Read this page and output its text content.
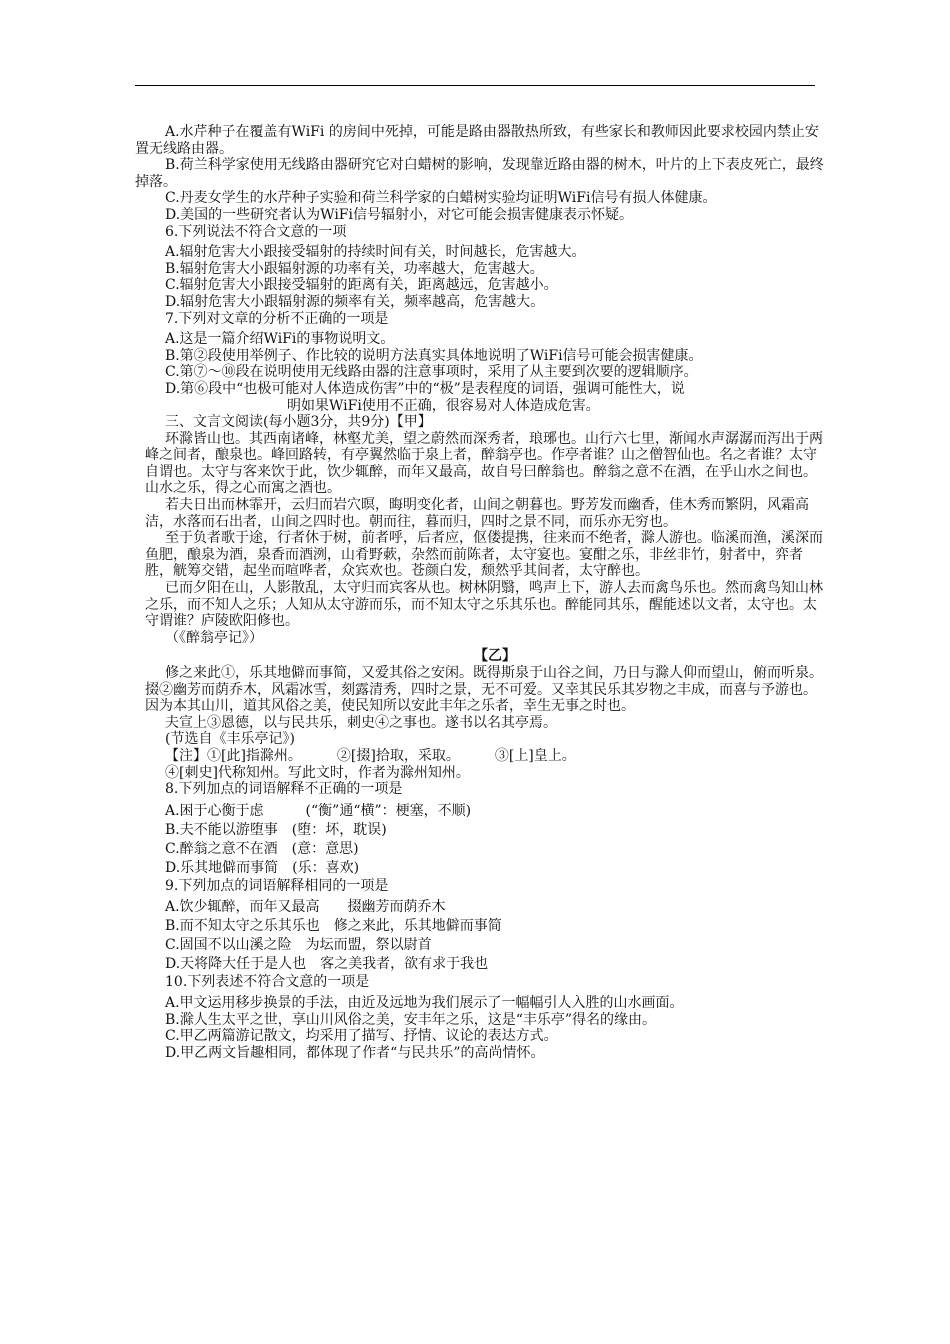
A.水芹种子在覆盖有WiFi 的房间中死掉，可能是路由器散热所致，有些家长和教师因此要求校园内禁止安置无线路由器。

B.荷兰科学家使用无线路由器研究它对白蜡树的影响，发现靠近路由器的树木，叶片的上下表皮死亡，最终掉落。

C.丹麦女学生的水芹种子实验和荷兰科学家的白蜡树实验均证明WiFi信号有损人体健康。

D.美国的一些研究者认为WiFi信号辐射小，对它可能会损害健康表示怀疑。

6.下列说法不符合文意的一项

A.辐射危害大小跟接受辐射的持续时间有关，时间越长，危害越大。

B.辐射危害大小跟辐射源的功率有关，功率越大，危害越大。

C.辐射危害大小跟接受辐射的距离有关，距离越远，危害越小。

D.辐射危害大小跟辐射源的频率有关，频率越高，危害越大。

7.下列对文章的分析不正确的一项是

A.这是一篇介绍WiFi的事物说明文。

B.第②段使用举例子、作比较的说明方法真实具体地说明了WiFi信号可能会损害健康。

C.第⑦～⑩段在说明使用无线路由器的注意事项时，采用了从主要到次要的逻辑顺序。

D.第⑥段中“也极可能对人体造成伤害”中的“极”是表程度的词语，强调可能性大，说

明如果WiFi使用不正确，很容易对人体造成危害。

三、文言文阅读(每小题3分，共9分)【甲】

环滁皆山也。其西南诸峰，林壑尤美，望之蔚然而深秀者，琅琊也。山行六七里，渐闻水声潺潺而泻出于两峰之间者，酿泉也。峰回路转，有亭翼然临于泉上者，醉翁亭也。作亭者谁？山之僧智仙也。名之者谁？太守自谓也。太守与客来饮于此，饮少辄醉，而年又最高，故自号曰醉翁也。醉翁之意不在酒，在乎山水之间也。山水之乐，得之心而寓之酒也。

若夫日出而林霏开，云归而岩穴暝，晦明变化者，山间之朝暮也。野芳发而幽香，佳木秀而繁阴，风霜高洁，水落而石出者，山间之四时也。朝而往，暮而归，四时之景不同，而乐亦无穷也。

至于负者歌于途，行者休于树，前者呼，后者应，伛偻提携，往来而不绝者，滁人游也。临溪而渔，溪深而鱼肥，酿泉为酒，泉香而酒洌，山肴野蔌，杂然而前陈者，太守宴也。宴酣之乐，非丝非竹，射者中，弈者胜，觥筹交错，起坐而喧哗者，众宾欢也。苍颜白发，颓然乎其间者，太守醉也。

已而夕阳在山，人影散乱，太守归而宾客从也。树林阴翳，鸣声上下，游人去而禽鸟乐也。然而禽鸟知山林之乐，而不知人之乐；人知从太守游而乐，而不知太守之乐其乐也。醉能同其乐，醒能述以文者，太守也。太守谓谁？庐陵欧阳修也。

（《醉翁亭记》）

【乙】

修之来此①，乐其地僻而事简，又爱其俗之安闲。既得斯泉于山谷之间，乃日与滁人仰而望山，俯而听泉。掇②幽芳而荫乔木，风霜冰雪，刻露清秀，四时之景，无不可爱。又幸其民乐其岁物之丰成，而喜与予游也。因为本其山川，道其风俗之美，使民知所以安此丰年之乐者，幸生无事之时也。

夫宣上③恩德，以与民共乐，刺史④之事也。遂书以名其亭焉。

(节选自《丰乐亭记》)

【注】①[此]指滁州。　　　②[掇]拾取，采取。　　　③[上]皇上。

④[刺史]代称知州。写此文时，作者为滁州知州。

8.下列加点的词语解释不正确的一项是

A.困于心衡于虑　　　(“衡”通“横”：梗塞，不顺)

B.夫不能以游堕事　(堕：坏，耽误)

C.醉翁之意不在酒　(意：意思)

D.乐其地僻而事简　(乐：喜欢)

9.下列加点的词语解释相同的一项是

A.饮少辄醉，而年又最高　　掇幽芳而荫乔木

B.而不知太守之乐其乐也　修之来此，乐其地僻而事简

C.固国不以山溪之险　为坛而盟，祭以尉首

D.天将降大任于是人也　客之美我者，欲有求于我也

10.下列表述不符合文意的一项是

A.甲文运用移步换景的手法，由近及远地为我们展示了一幅幅引人入胜的山水画面。

B.滁人生太平之世，享山川风俗之美，安丰年之乐，这是“丰乐亭”得名的缘由。

C.甲乙两篇游记散文，均采用了描写、抒情、议论的表达方式。

D.甲乙两文旨趣相同，都体现了作者“与民共乐”的高尚情怀。
